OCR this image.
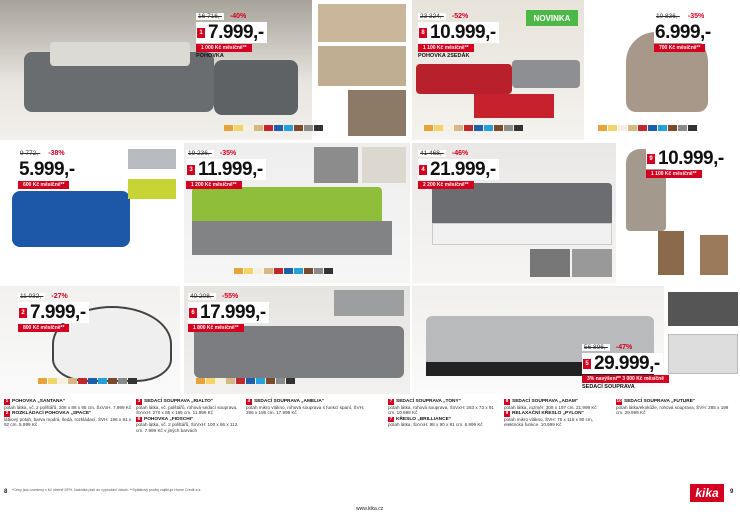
NOVINKA
16 716,- -40%
1 7.999,-
1 000 Kč měsíčně**
POHOVKA
23 324,- -52%
8 10.999,-
1 100 Kč měsíčně**
POHOVKA 2SEDÁK
10 836,- -35%
6.999,-
700 Kč měsíčně**
9 772,- -38%
5.999,-
600 Kč měsíčně**
19 236,- -35%
3 11.999,-
1 200 Kč měsíčně**
41 468,- -46%
4 21.999,-
2 200 Kč měsíčně**
9 10.999,-
1 100 Kč měsíčně**
11 032,- -27%
2 7.999,-
800 Kč měsíčně**
40 208,- -55%
6 17.999,-
1 800 Kč měsíčně**
56 896,- -47%
5 29.999,-
3% navýšení** 3 000 Kč měsíčně
SEDACÍ SOUPRAVA
1 POHOVKA „SANTANA“
potah látka, vč. 2 polštářů, 206 x 86 x 95 cm, ŠxVxH. 7.999 Kč
2 ROZKLÁDACÍ POHOVKA „SPACE“
látkový potah, barva modrá, šedá, rozkládací, ŠVH: 196 x 91 x 92 cm. 5.999 Kč
3 SEDACÍ SOUPRAVA „RIALTO“
potah látka, vč. polštářů, rohová sedací souprava, ŠxVxH: 270 x 85 x 185 cm. 11.999 Kč
6 POHOVKA „FIDSCHI“
potah látka, vč. 2 polštářů, ŠxVxH: 100 x 86 x 112 cm. 7.999 Kč v jiných barvách
4 SEDACÍ SOUPRAVA „AMELIA“
potah mikro vlákno, rohová souprava s funkcí spaní, ŠVH: 296 x 186 cm. 17.999 Kč
7 SEDACÍ SOUPRAVA „TONY“
potah látka, rohová souprava, ŠxVxH: 283 x 73 x 91 cm. 10.999 Kč
7 KŘESLO „BRILLIANCE“
potah látka, ŠxVxH: 98 x 90 x 81 cm. 6.999 Kč
8 SEDACÍ SOUPRAVA „ADAM“
potah látka, rozměr: 308 x 197 cm. 21.999 Kč
9 RELAXAČNÍ KŘESLO „PYLON“
potah mikro vlákno, ŠVH: 75 x 115 x 90 cm, elektrická funkce. 10.999 Kč
10 SEDACÍ SOUPRAVA „FUTURE“
potah látka/ekokůže, rohová souprava, ŠVH: 285 x 199 cm. 29.999 Kč
*Ceny jsou uvedeny v Kč včetně DPH. Nabídka platí do vyprodání zásob. **Splátkový prodej zajišťuje Home Credit a.s.
8
www.kika.cz
kika	9
